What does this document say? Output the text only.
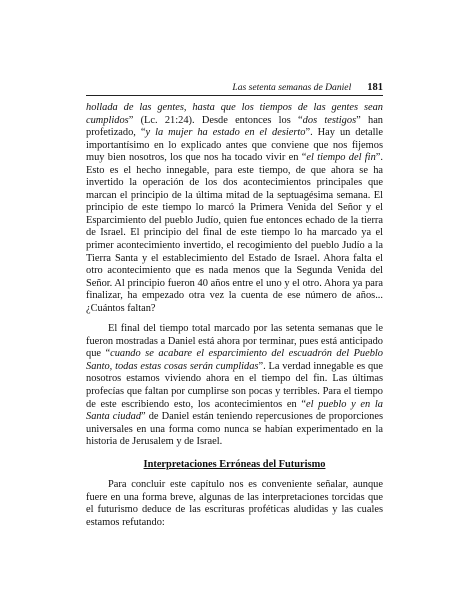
Las setenta semanas de Daniel 181

hollada de las gentes, hasta que los tiempos de las gentes sean cumplidos” (Lc. 21:24). Desde entonces los “dos testigos” han profetizado, “y la mujer ha estado en el desierto”. Hay un detalle importantísimo en lo explicado antes que conviene que nos fijemos muy bien nosotros, los que nos ha tocado vivir en “el tiempo del fin”. Esto es el hecho innegable, para este tiempo, de que ahora se ha invertido la operación de los dos acontecimientos principales que marcan el principio de la última mitad de la septuagésima semana. El principio de este tiempo lo marcó la Primera Venida del Señor y el Esparcimiento del pueblo Judío, quien fue entonces echado de la tierra de Israel. El principio del final de este tiempo lo ha marcado ya el primer acontecimiento invertido, el recogimiento del pueblo Judío a la Tierra Santa y el establecimiento del Estado de Israel. Ahora falta el otro acontecimiento que es nada menos que la Segunda Venida del Señor. Al principio fueron 40 años entre el uno y el otro. Ahora ya para finalizar, ha empezado otra vez la cuenta de ese número de años... ¿Cuántos faltan?

El final del tiempo total marcado por las setenta semanas que le fueron mostradas a Daniel está ahora por terminar, pues está anticipado que “cuando se acabare el esparcimiento del escuadrón del Pueblo Santo, todas estas cosas serán cumplidas”. La verdad innegable es que nosotros estamos viviendo ahora en el tiempo del fin. Las últimas profecías que faltan por cumplirse son pocas y terribles. Para el tiempo de este escribiendo esto, los acontecimientos en “el pueblo y en la Santa ciudad” de Daniel están teniendo repercusiones de proporciones universales en una forma como nunca se habían experimentado en la historia de Jerusalem y de Israel.

Interpretaciones Erróneas del Futurismo

Para concluir este capítulo nos es conveniente señalar, aunque fuere en una forma breve, algunas de las interpretaciones torcidas que el futurismo deduce de las escrituras proféticas aludidas y las cuales estamos refutando:
